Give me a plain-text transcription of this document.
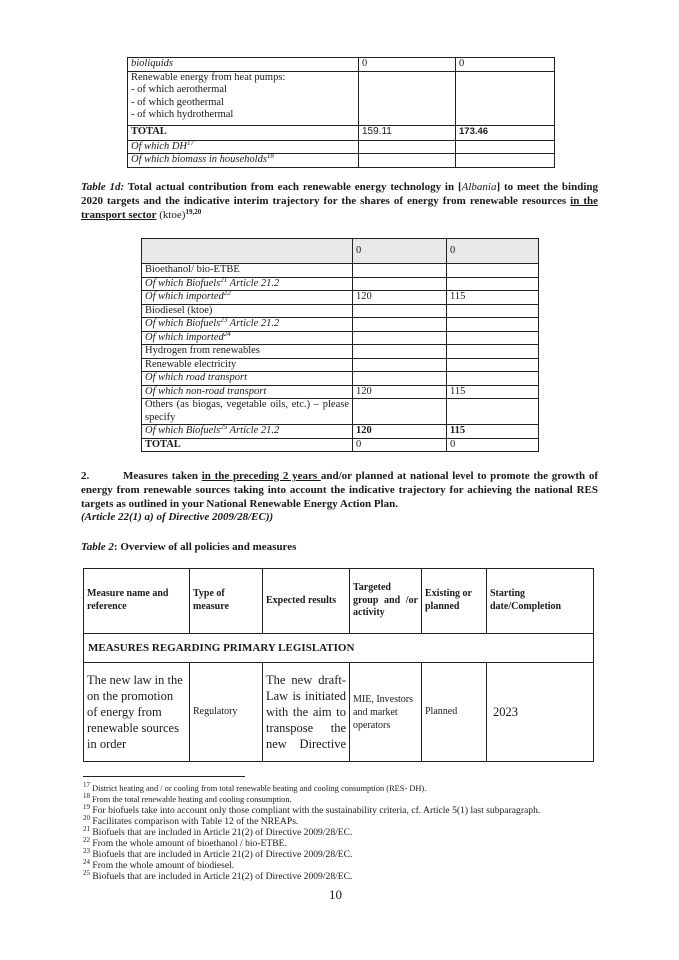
bioliquids	0	0

Renewable energy from heat pumps:
- of which aerothermal
- of which geothermal
- of which hydrothermal		

TOTAL	159.11	173.46
Of which DH$^{17}$		
Of which biomass in households$^{18}$		
Table 1d: Total actual contribution from each renewable energy technology in [Albania] to meet the binding 2020 targets and the indicative interim trajectory for the shares of energy from renewable resources in the transport sector (ktoe)$^{19,20}$
	0	0
Bioethanol/ bio-ETBE		
Of which Biofuels$^{21}$ Article 21.2		
Of which imported$^{22}$	120	115
Biodiesel (ktoe)		
Of which Biofuels$^{23}$ Article 21.2		
Of which imported$^{24}$		
Hydrogen from renewables		
Renewable electricity		
Of which road transport		
Of which non-road transport	120	115
Others (as biogas, vegetable oils, etc.) – please specify		
Of which Biofuels$^{25}$ Article 21.2	120	115
TOTAL	0	0
2.	Measures taken in the preceding 2 years and/or planned at national level to promote the growth of energy from renewable sources taking into account the indicative trajectory for achieving the national RES targets as outlined in your National Renewable Energy Action Plan.
(Article 22(1) a) of Directive 2009/28/EC))
Table 2: Overview of all policies and measures
Measure name and reference	Type of measure	Expected results	Targeted group and /or activity	Existing or planned	Starting date/Completion
MEASURES REGARDING PRIMARY LEGISLATION					
The new law in the on the promotion of energy from renewable sources in order	Regulatory	The new draft-Law is initiated with the aim to transpose the new Directive	MIE, Investors and market operators	Planned	2023
$^{17}$ District heating and / or cooling from total renewable heating and cooling consumption (RES- DH).
$^{18}$ From the total renewable heating and cooling consumption.
$^{19}$ For biofuels take into account only those compliant with the sustainability criteria, cf. Article 5(1) last subparagraph.
$^{20}$ Facilitates comparison with Table 12 of the NREAPs.
$^{21}$ Biofuels that are included in Article 21(2) of Directive 2009/28/EC.
$^{22}$ From the whole amount of bioethanol / bio-ETBE.
$^{23}$ Biofuels that are included in Article 21(2) of Directive 2009/28/EC.
$^{24}$ From the whole amount of biodiesel.
$^{25}$ Biofuels that are included in Article 21(2) of Directive 2009/28/EC.
10
